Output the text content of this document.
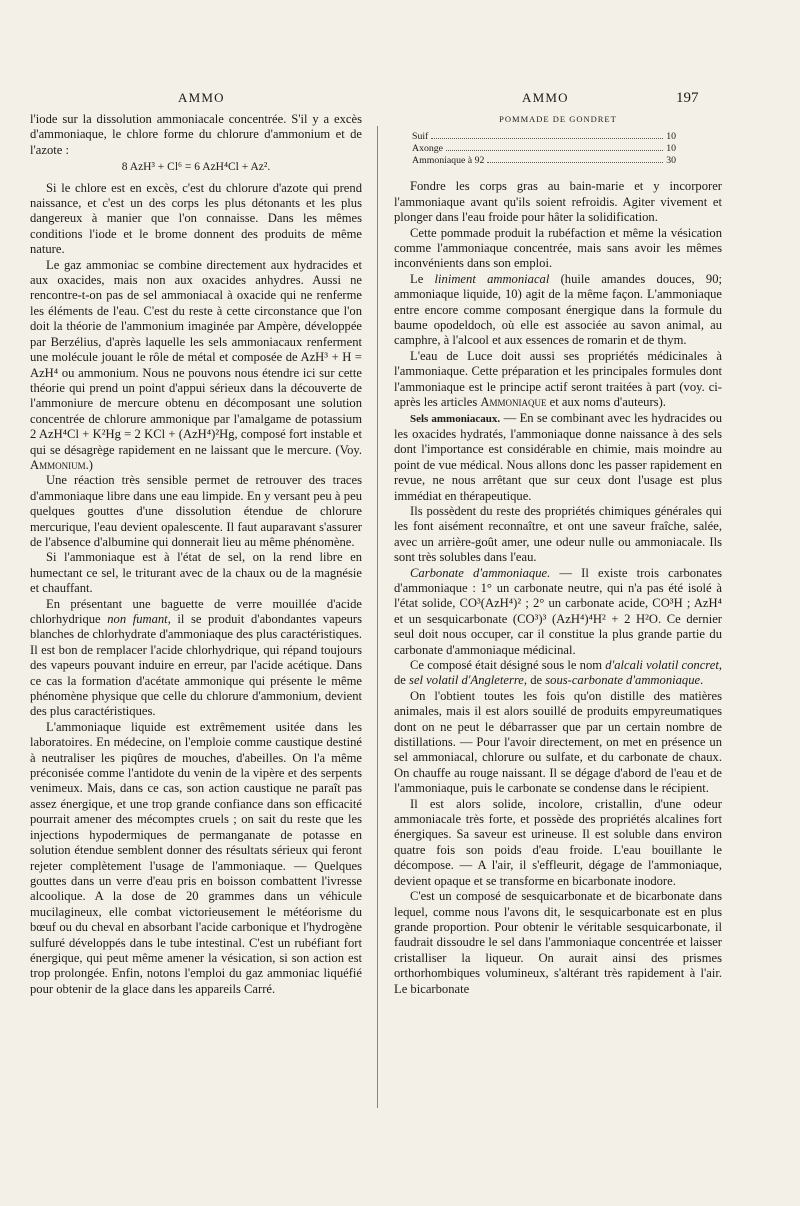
AMMO	AMMO	197

l'iode sur la dissolution ammoniacale concentrée. S'il y a excès d'ammoniaque, le chlore forme du chlorure d'ammonium et de l'azote :

8 AzH³ + Cl⁶ = 6 AzH⁴Cl + Az².

Si le chlore est en excès, c'est du chlorure d'azote qui prend naissance, et c'est un des corps les plus détonants et les plus dangereux à manier que l'on connaisse. Dans les mêmes conditions l'iode et le brome donnent des produits de même nature.

Le gaz ammoniac se combine directement aux hydracides et aux oxacides, mais non aux oxacides anhydres. Aussi ne rencontre-t-on pas de sel ammoniacal à oxacide qui ne renferme les éléments de l'eau. C'est du reste à cette circonstance que l'on doit la théorie de l'ammonium imaginée par Ampère, développée par Berzélius, d'après laquelle les sels ammoniacaux renferment une molécule jouant le rôle de métal et composée de AzH³ + H = AzH⁴ ou ammonium. Nous ne pouvons nous étendre ici sur cette théorie qui prend un point d'appui sérieux dans la découverte de l'ammoniure de mercure obtenu en décomposant une solution concentrée de chlorure ammonique par l'amalgame de potassium 2 AzH⁴Cl + K²Hg = 2 KCl + (AzH⁴)²Hg, composé fort instable et qui se désagrège rapidement en ne laissant que le mercure. (Voy. Ammonium.)

Une réaction très sensible permet de retrouver des traces d'ammoniaque libre dans une eau limpide. En y versant peu à peu quelques gouttes d'une dissolution étendue de chlorure mercurique, l'eau devient opalescente. Il faut auparavant s'assurer de l'absence d'albumine qui donnerait lieu au même phénomène.

Si l'ammoniaque est à l'état de sel, on la rend libre en humectant ce sel, le triturant avec de la chaux ou de la magnésie et chauffant.

En présentant une baguette de verre mouillée d'acide chlorhydrique non fumant, il se produit d'abondantes vapeurs blanches de chlorhydrate d'ammoniaque des plus caractéristiques. Il est bon de remplacer l'acide chlorhydrique, qui répand toujours des vapeurs pouvant induire en erreur, par l'acide acétique. Dans ce cas la formation d'acétate ammonique qui présente le même phénomène physique que celle du chlorure d'ammonium, devient des plus caractéristiques.

L'ammoniaque liquide est extrêmement usitée dans les laboratoires. En médecine, on l'emploie comme caustique destiné à neutraliser les piqûres de mouches, d'abeilles. On l'a même préconisée comme l'antidote du venin de la vipère et des serpents venimeux. Mais, dans ce cas, son action caustique ne paraît pas assez énergique, et une trop grande confiance dans son efficacité pourrait amener des mécomptes cruels ; on sait du reste que les injections hypodermiques de permanganate de potasse en solution étendue semblent donner des résultats sérieux qui feront rejeter complètement l'usage de l'ammoniaque. — Quelques gouttes dans un verre d'eau pris en boisson combattent l'ivresse alcoolique. A la dose de 20 grammes dans un véhicule mucilagineux, elle combat victorieusement le météorisme du bœuf ou du cheval en absorbant l'acide carbonique et l'hydrogène sulfuré développés dans le tube intestinal. C'est un rubéfiant fort énergique, qui peut même amener la vésication, si son action est trop prolongée. Enfin, notons l'emploi du gaz ammoniac liquéfié pour obtenir de la glace dans les appareils Carré.

POMMADE DE GONDRET
Suif	10
Axonge	10
Ammoniaque à 92	30

Fondre les corps gras au bain-marie et y incorporer l'ammoniaque avant qu'ils soient refroidis. Agiter vivement et plonger dans l'eau froide pour hâter la solidification.

Cette pommade produit la rubéfaction et même la vésication comme l'ammoniaque concentrée, mais sans avoir les mêmes inconvénients dans son emploi.

Le liniment ammoniacal (huile amandes douces, 90; ammoniaque liquide, 10) agit de la même façon. L'ammoniaque entre encore comme composant énergique dans la formule du baume opodeldoch, où elle est associée au savon animal, au camphre, à l'alcool et aux essences de romarin et de thym.

L'eau de Luce doit aussi ses propriétés médicinales à l'ammoniaque. Cette préparation et les principales formules dont l'ammoniaque est le principe actif seront traitées à part (voy. ci-après les articles Ammoniaque et aux noms d'auteurs).

Sels ammoniacaux. — En se combinant avec les hydracides ou les oxacides hydratés, l'ammoniaque donne naissance à des sels dont l'importance est considérable en chimie, mais moindre au point de vue médical. Nous allons donc les passer rapidement en revue, ne nous arrêtant que sur ceux dont l'usage est plus immédiat en thérapeutique.

Ils possèdent du reste des propriétés chimiques générales qui les font aisément reconnaître, et ont une saveur fraîche, salée, avec un arrière-goût amer, une odeur nulle ou ammoniacale. Ils sont très solubles dans l'eau.

Carbonate d'ammoniaque. — Il existe trois carbonates d'ammoniaque : 1° un carbonate neutre, qui n'a pas été isolé à l'état solide, CO³(AzH⁴)² ; 2° un carbonate acide, CO³H ; AzH⁴ et un sesquicarbonate (CO³)³ (AzH⁴)⁴H² + 2 H²O. Ce dernier seul doit nous occuper, car il constitue la plus grande partie du carbonate d'ammoniaque médicinal.

Ce composé était désigné sous le nom d'alcali volatil concret, de sel volatil d'Angleterre, de sous-carbonate d'ammoniaque.

On l'obtient toutes les fois qu'on distille des matières animales, mais il est alors souillé de produits empyreumatiques dont on ne peut le débarrasser que par un certain nombre de distillations. — Pour l'avoir directement, on met en présence un sel ammoniacal, chlorure ou sulfate, et du carbonate de chaux. On chauffe au rouge naissant. Il se dégage d'abord de l'eau et de l'ammoniaque, puis le carbonate se condense dans le récipient.

Il est alors solide, incolore, cristallin, d'une odeur ammoniacale très forte, et possède des propriétés alcalines fort énergiques. Sa saveur est urineuse. Il est soluble dans environ quatre fois son poids d'eau froide. L'eau bouillante le décompose. — A l'air, il s'effleurit, dégage de l'ammoniaque, devient opaque et se transforme en bicarbonate inodore.

C'est un composé de sesquicarbonate et de bicarbonate dans lequel, comme nous l'avons dit, le sesquicarbonate est en plus grande proportion. Pour obtenir le véritable sesquicarbonate, il faudrait dissoudre le sel dans l'ammoniaque concentrée et laisser cristalliser la liqueur. On aurait ainsi des prismes orthorhombiques volumineux, s'altérant très rapidement à l'air. Le bicarbonate
